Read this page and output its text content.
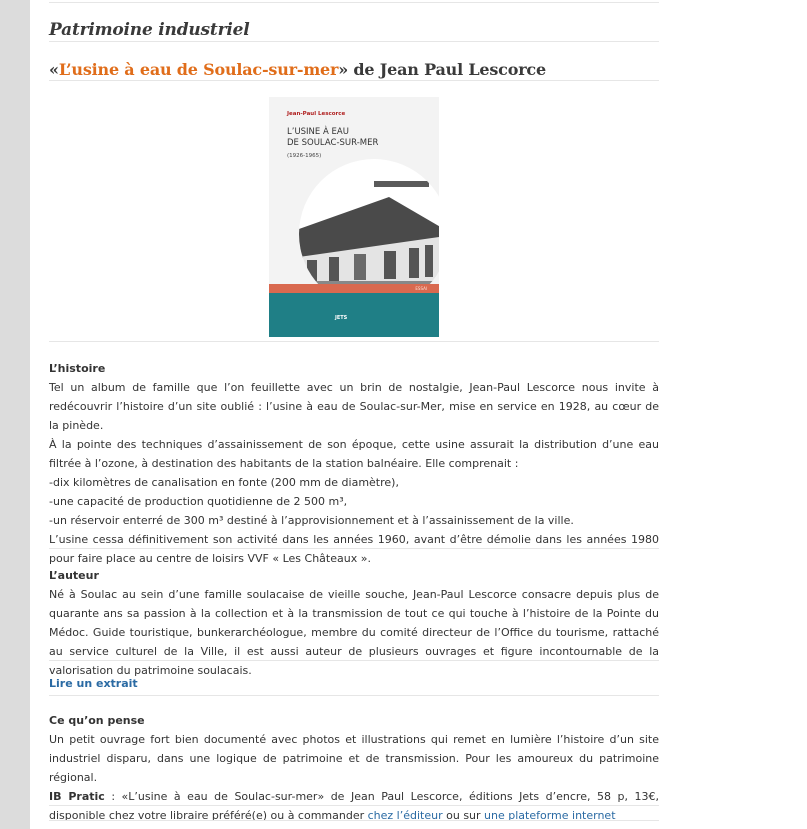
Patrimoine industriel
«L’usine à eau de Soulac-sur-mer» de Jean Paul Lescorce
Jean-Paul Lescorce
L’USINE À EAU
DE SOULAC-SUR-MER
(1926-1965)
ESSAI
JETS
L’histoire

Tel un album de famille que l’on feuillette avec un brin de nostalgie, Jean-Paul Lescorce nous invite à redécouvrir l’histoire d’un site oublié : l’usine à eau de Soulac-sur-Mer, mise en service en 1928, au cœur de la pinède.

À la pointe des techniques d’assainissement de son époque, cette usine assurait la distribution d’une eau filtrée à l’ozone, à destination des habitants de la station balnéaire. Elle comprenait :

-dix kilomètres de canalisation en fonte (200 mm de diamètre),

-une capacité de production quotidienne de 2 500 m³,

-un réservoir enterré de 300 m³ destiné à l’approvisionnement et à l’assainissement de la ville.

L’usine cessa définitivement son activité dans les années 1960, avant d’être démolie dans les années 1980 pour faire place au centre de loisirs VVF « Les Châteaux ».

L’auteur

Né à Soulac au sein d’une famille soulacaise de vieille souche, Jean-Paul Lescorce consacre depuis plus de quarante ans sa passion à la collection et à la transmission de tout ce qui touche à l’histoire de la Pointe du Médoc. Guide touristique, bunkerarchéologue, membre du comité directeur de l’Office du tourisme, rattaché au service culturel de la Ville, il est aussi auteur de plusieurs ouvrages et figure incontournable de la valorisation du patrimoine soulacais.

Lire un extrait
Ce qu’on pense

Un petit ouvrage fort bien documenté avec photos et illustrations qui remet en lumière l’histoire d’un site industriel disparu, dans une logique de patrimoine et de transmission. Pour les amoureux du patrimoine régional.

IB Pratic : «L’usine à eau de Soulac-sur-mer» de Jean Paul Lescorce, éditions Jets d’encre, 58 p, 13€, disponible chez votre libraire préféré(e) ou à commander chez l’éditeur ou sur une plateforme internet
